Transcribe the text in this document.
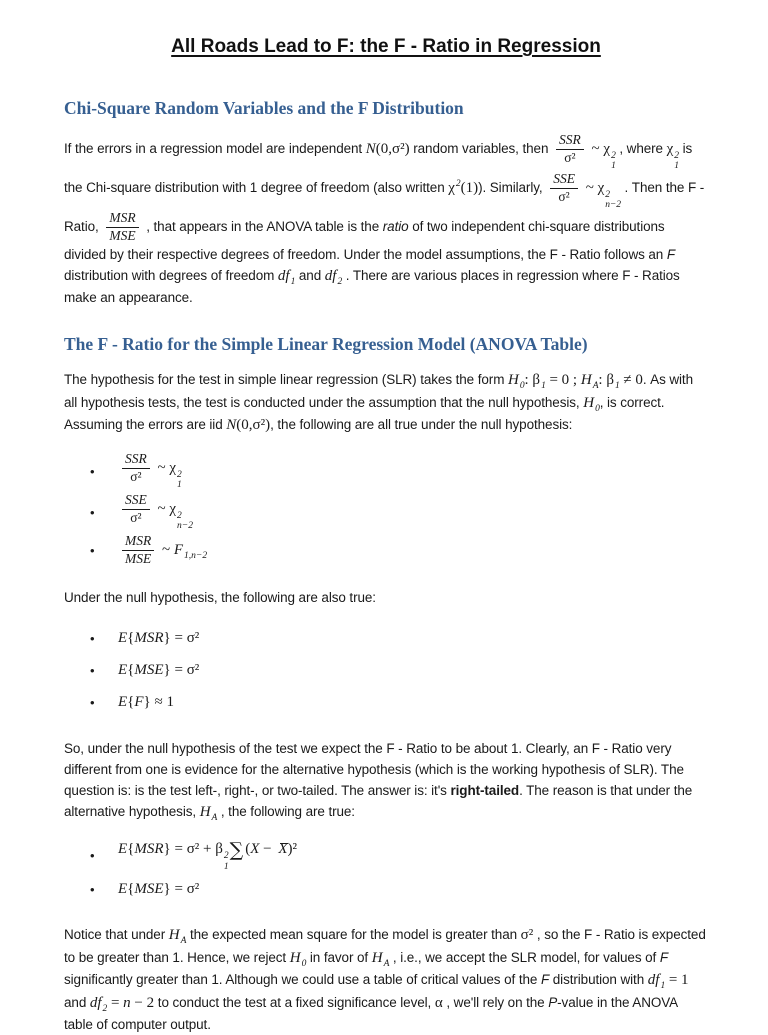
All Roads Lead to F: the F - Ratio in Regression
Chi-Square Random Variables and the F Distribution

If the errors in a regression model are independent N(0,σ²) random variables, then $\frac{\text{SSR}}{\text{σ²}}$ ~ χ 2
1
, where χ 2
1
is the Chi-square distribution with 1 degree of freedom (also written χ 2 (1)). Similarly, $\frac{\text{SSE}}{\text{σ²}}$ ~ χ 2
n−2
. Then the F - Ratio, $\frac{\text{MSR}}{\text{MSE}}$ , that appears in the ANOVA table is the ratio of two independent chi-square distributions divided by their respective degrees of freedom. Under the model assumptions, the F - Ratio follows an F distribution with degrees of freedom df 1 and df 2 . There are various places in regression where F - Ratios make an appearance.

The F - Ratio for the Simple Linear Regression Model (ANOVA Table)

The hypothesis for the test in simple linear regression (SLR) takes the form H 0 : β 1 = 0 ; H A : β 1 ≠ 0. As with all hypothesis tests, the test is conducted under the assumption that the null hypothesis, H 0 , is correct. Assuming the errors are iid N(0,σ²), the following are all true under the null hypothesis:

•	$\frac{\text{SSR}}{\text{σ²}}$ ~ χ 2
1
•	$\frac{\text{SSE}}{\text{σ²}}$ ~ χ 2
n−2
•	$\frac{\text{MSR}}{\text{MSE}}$ ~ F 1,n−2

Under the null hypothesis, the following are also true:

•	E{MSR} = σ²
•	E{MSE} = σ²
•	E{F} ≈ 1

So, under the null hypothesis of the test we expect the F - Ratio to be about 1. Clearly, an F - Ratio very different from one is evidence for the alternative hypothesis (which is the working hypothesis of SLR). The question is: is the test left-, right-, or two-tailed. The answer is: it's right-tailed. The reason is that under the alternative hypothesis, H A , the following are true:

•	E{MSR} = σ² + β 2
1
∑ (X − X)²
•	E{MSE} = σ²

Notice that under H A the expected mean square for the model is greater than σ² , so the F - Ratio is expected to be greater than 1. Hence, we reject H 0 in favor of H A , i.e., we accept the SLR model, for values of F significantly greater than 1. Although we could use a table of critical values of the F distribution with df 1 = 1 and df 2 = n − 2 to conduct the test at a fixed significance level, α , we'll rely on the P-value in the ANOVA table of computer output.
